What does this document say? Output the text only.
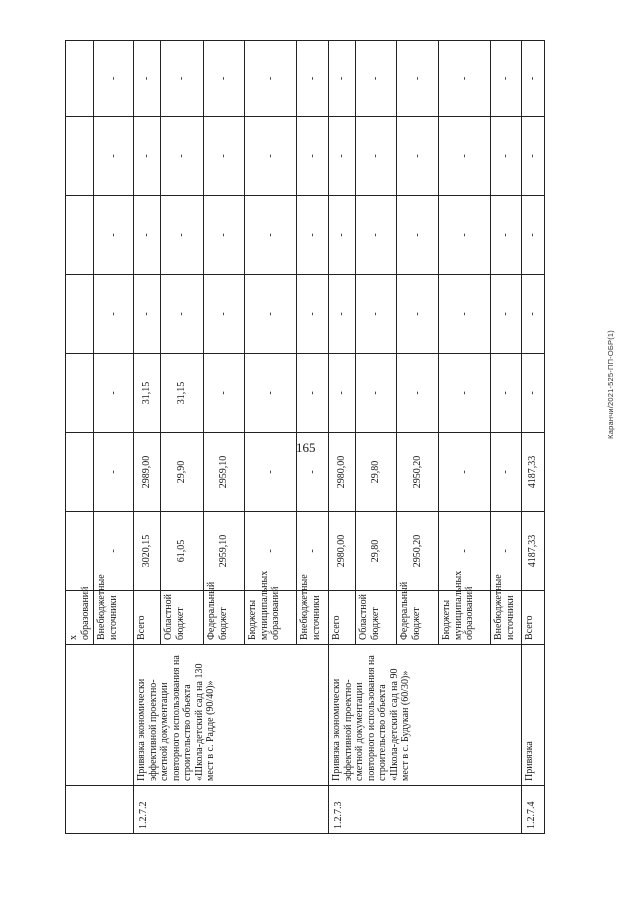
165
Каранчи/2021-525-ПП-ОБР(1)
		х образований							
		Внебюджетные источники	-	-	-	-	-	-	-
1.2.7.2	Привязка экономически эффективной проектно-сметной документации повторного использования на строительство объекта «Школа-детский сад на 130 мест в с. Радде (90/40)»	Всего	3020,15	2989,00	31,15	-	-	-	-
		Областной бюджет	61,05	29,90	31,15	-	-	-	-
		Федеральный бюджет	2959,10	2959,10	-	-	-	-	-
		Бюджеты муниципальных образований	-	-	-	-	-	-	-
		Внебюджетные источники	-	-	-	-	-	-	-
1.2.7.3	Привязка экономически эффективной проектно-сметной документации повторного использования на строительство объекта «Школа-детский сад на 90 мест в с. Будукан (60/30)»	Всего	2980,00	2980,00	-	-	-	-	-
		Областной бюджет	29,80	29,80	-	-	-	-	-
		Федеральный бюджет	2950,20	2950,20	-	-	-	-	-
		Бюджеты муниципальных образований	-	-	-	-	-	-	-
		Внебюджетные источники	-	-	-	-	-	-	-
1.2.7.4	Привязка	Всего	4187,33	4187,33	-	-	-	-	-
